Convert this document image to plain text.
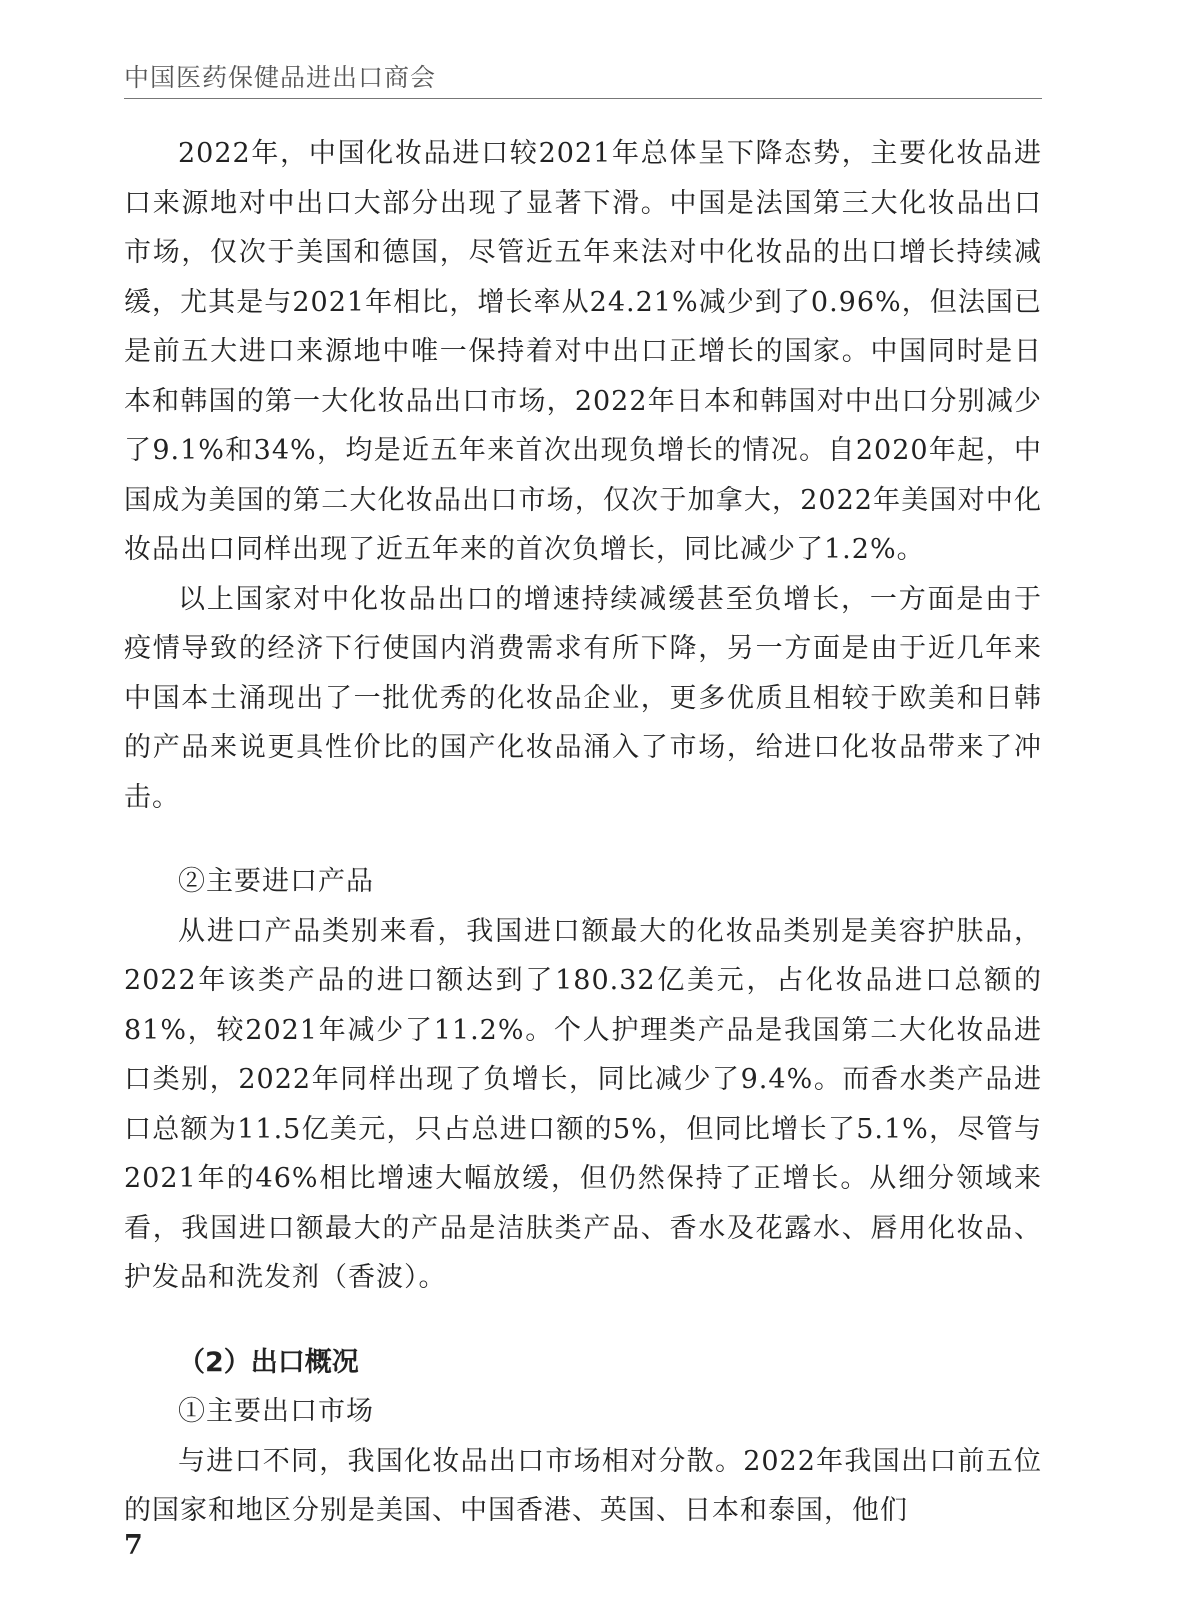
中国医药保健品进出口商会

2022年，中国化妆品进口较2021年总体呈下降态势，主要化妆品进口来源地对中出口大部分出现了显著下滑。中国是法国第三大化妆品出口市场，仅次于美国和德国，尽管近五年来法对中化妆品的出口增长持续减缓，尤其是与2021年相比，增长率从24.21%减少到了0.96%，但法国已是前五大进口来源地中唯一保持着对中出口正增长的国家。中国同时是日本和韩国的第一大化妆品出口市场，2022年日本和韩国对中出口分别减少了9.1%和34%，均是近五年来首次出现负增长的情况。自2020年起，中国成为美国的第二大化妆品出口市场，仅次于加拿大，2022年美国对中化妆品出口同样出现了近五年来的首次负增长，同比减少了1.2%。

以上国家对中化妆品出口的增速持续减缓甚至负增长，一方面是由于疫情导致的经济下行使国内消费需求有所下降，另一方面是由于近几年来中国本土涌现出了一批优秀的化妆品企业，更多优质且相较于欧美和日韩的产品来说更具性价比的国产化妆品涌入了市场，给进口化妆品带来了冲击。

②主要进口产品

从进口产品类别来看，我国进口额最大的化妆品类别是美容护肤品，2022年该类产品的进口额达到了180.32亿美元，占化妆品进口总额的81%，较2021年减少了11.2%。个人护理类产品是我国第二大化妆品进口类别，2022年同样出现了负增长，同比减少了9.4%。而香水类产品进口总额为11.5亿美元，只占总进口额的5%，但同比增长了5.1%，尽管与2021年的46%相比增速大幅放缓，但仍然保持了正增长。从细分领域来看，我国进口额最大的产品是洁肤类产品、香水及花露水、唇用化妆品、护发品和洗发剂（香波）。

（2）出口概况

①主要出口市场

与进口不同，我国化妆品出口市场相对分散。2022年我国出口前五位的国家和地区分别是美国、中国香港、英国、日本和泰国，他们

7
